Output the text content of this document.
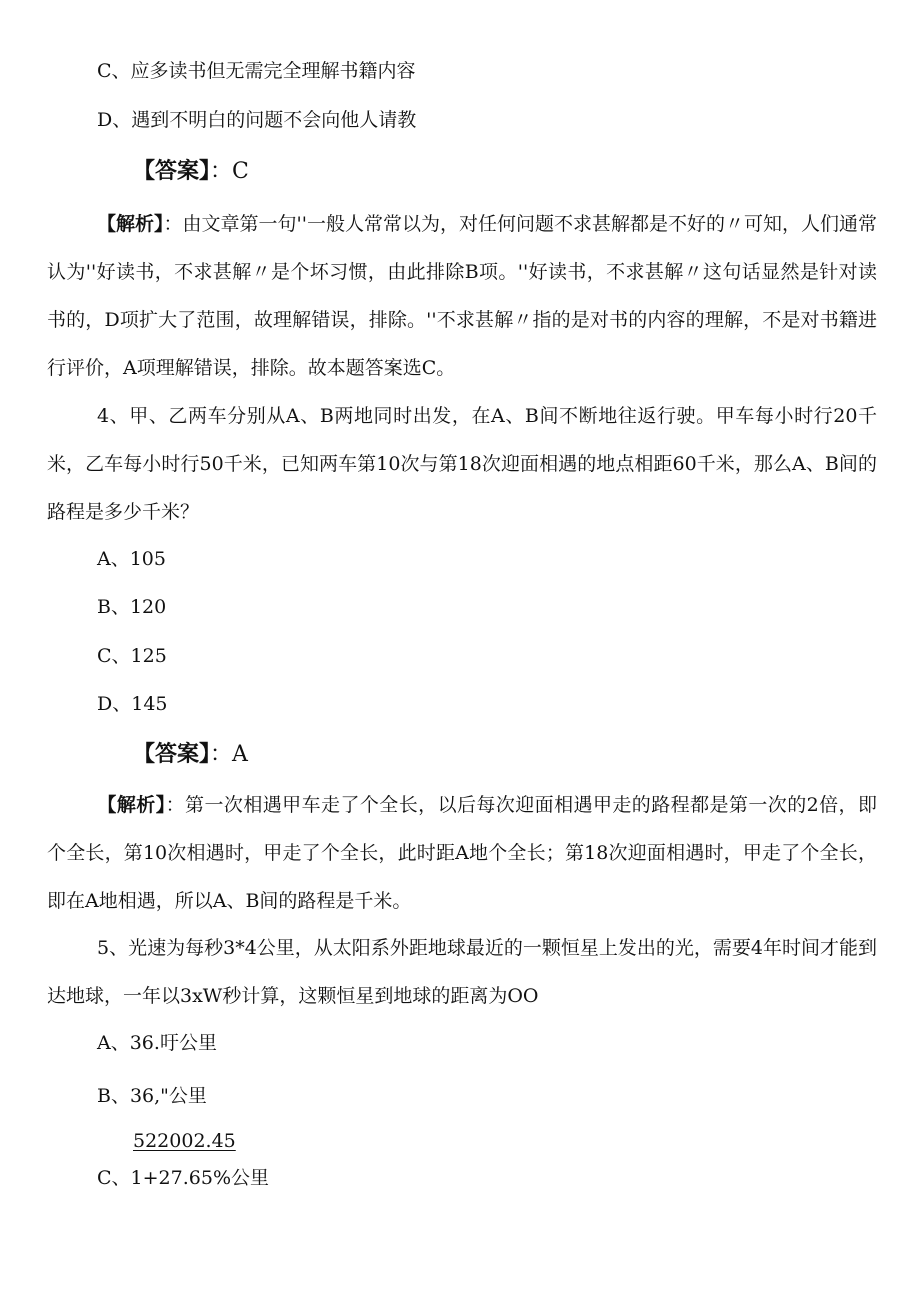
C、应多读书但无需完全理解书籍内容
D、遇到不明白的问题不会向他人请教
【答案】：C
【解析】：由文章第一句''一般人常常以为，对任何问题不求甚解都是不好的〃可知，人们通常认为''好读书，不求甚解〃是个坏习惯，由此排除B项。''好读书，不求甚解〃这句话显然是针对读书的，D项扩大了范围，故理解错误，排除。''不求甚解〃指的是对书的内容的理解，不是对书籍进行评价，A项理解错误，排除。故本题答案选C。
4、甲、乙两车分别从A、B两地同时出发，在A、B间不断地往返行驶。甲车每小时行20千米，乙车每小时行50千米，已知两车第10次与第18次迎面相遇的地点相距60千米，那么A、B间的路程是多少千米？
A、105
B、120
C、125
D、145
【答案】：A
【解析】：第一次相遇甲车走了个全长，以后每次迎面相遇甲走的路程都是第一次的2倍，即个全长，第10次相遇时，甲走了个全长，此时距A地个全长；第18次迎面相遇时，甲走了个全长，即在A地相遇，所以A、B间的路程是千米。
5、光速为每秒3*4公里，从太阳系外距地球最近的一颗恒星上发出的光，需要4年时间才能到达地球，一年以3xW秒计算，这颗恒星到地球的距离为OO
A、36.吁公里
B、36,"公里
522002.45
C、1+27.65%公里
